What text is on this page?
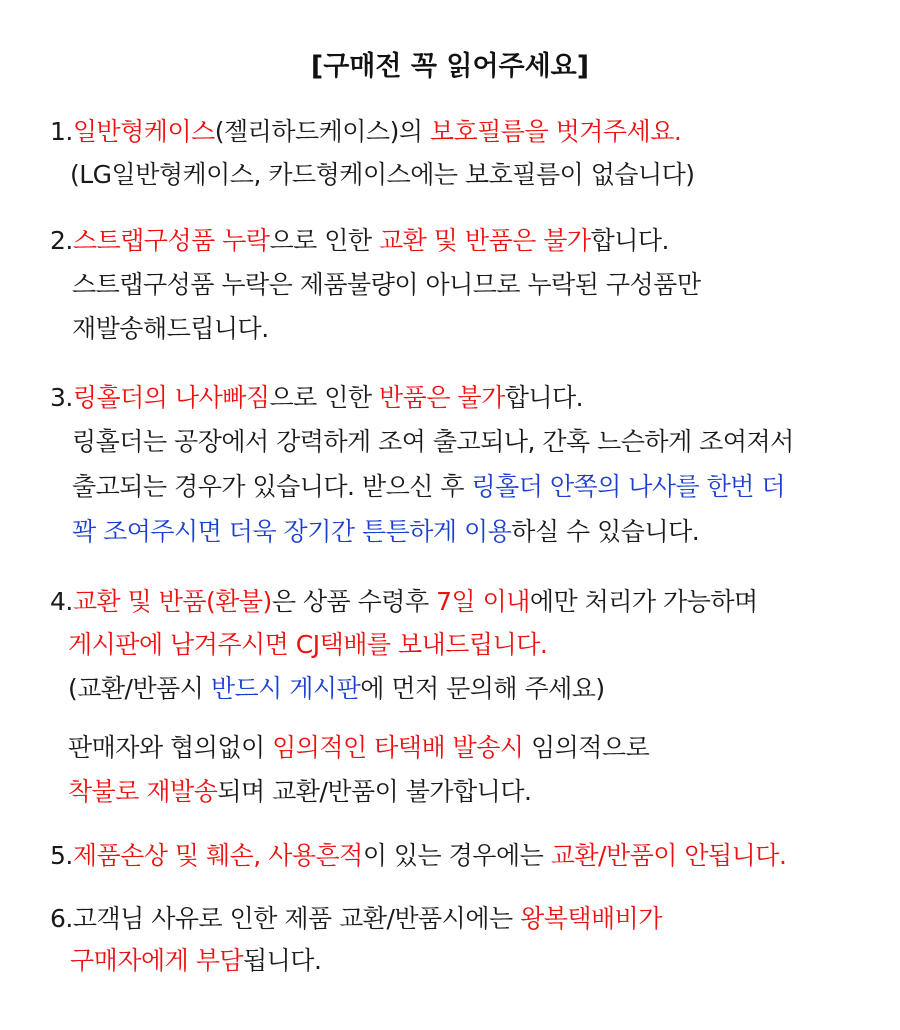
[구매전 꼭 읽어주세요]
1.일반형케이스(젤리하드케이스)의 보호필름을 벗겨주세요.
(LG일반형케이스, 카드형케이스에는 보호필름이 없습니다)
2.스트랩구성품 누락으로 인한 교환 및 반품은 불가합니다.
스트랩구성품 누락은 제품불량이 아니므로 누락된 구성품만
재발송해드립니다.
3.링홀더의 나사빠짐으로 인한 반품은 불가합니다.
링홀더는 공장에서 강력하게 조여 출고되나, 간혹 느슨하게 조여져서
출고되는 경우가 있습니다. 받으신 후 링홀더 안쪽의 나사를 한번 더
꽉 조여주시면 더욱 장기간 튼튼하게 이용하실 수 있습니다.
4.교환 및 반품(환불)은 상품 수령후 7일 이내에만 처리가 가능하며
게시판에 남겨주시면 CJ택배를 보내드립니다.
(교환/반품시 반드시 게시판에 먼저 문의해 주세요)
판매자와 협의없이 임의적인 타택배 발송시 임의적으로
착불로 재발송되며 교환/반품이 불가합니다.
5.제품손상 및 훼손, 사용흔적이 있는 경우에는 교환/반품이 안됩니다.
6.고객님 사유로 인한 제품 교환/반품시에는 왕복택배비가
구매자에게 부담됩니다.
